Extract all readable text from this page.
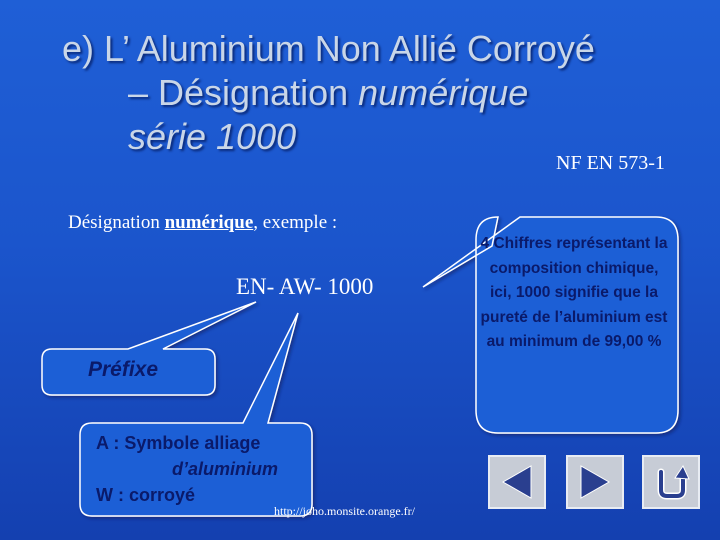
e) L’ Aluminium Non Allié Corroyé
– Désignation numérique
série 1000
NF EN 573-1
Désignation numérique, exemple :
EN- AW- 1000
Préfixe
A : Symbole alliage
d’aluminium
W : corroyé
4 Chiffres représentant la composition chimique, ici, 1000 signifie que la pureté de l’aluminium est au minimum de 99,00 %
http://joho.monsite.orange.fr/
